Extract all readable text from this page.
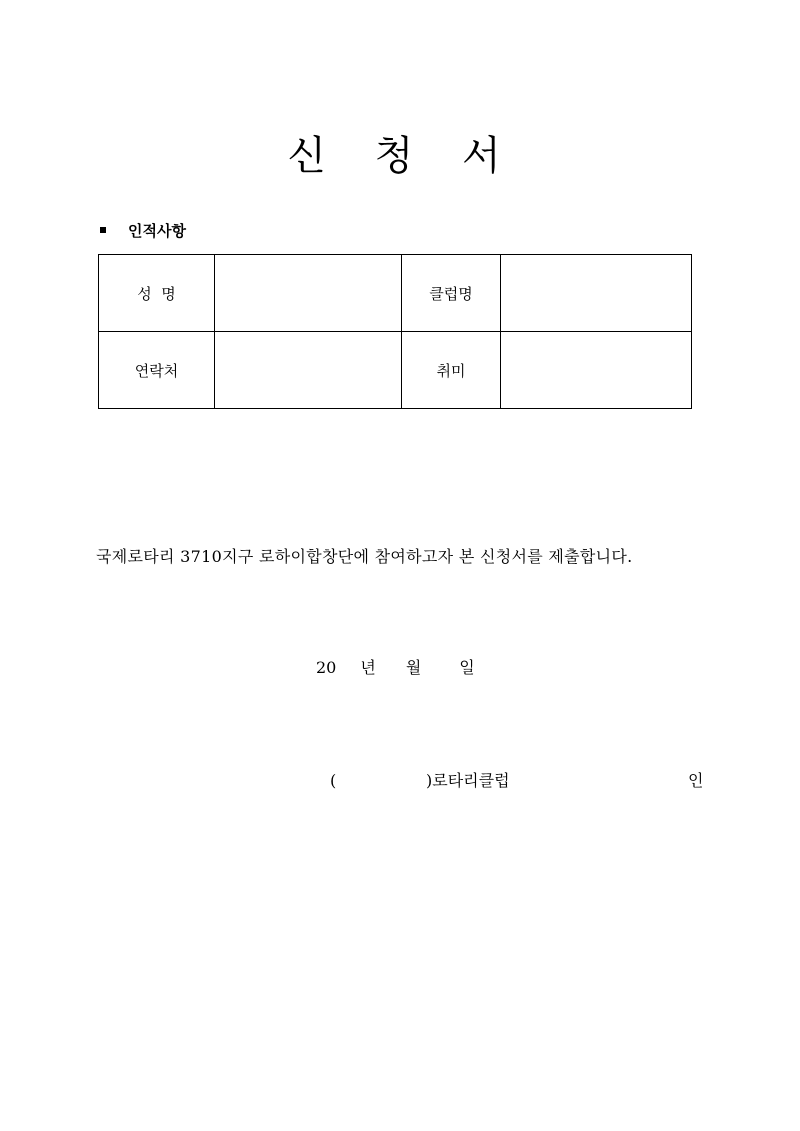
신 청 서
인적사항
성  명		클럽명	
연락처		취미	
국제로타리 3710지구 로하이합창단에 참여하고자 본 신청서를 제출합니다.
20 년 월 일
(	)로타리클럽	인
